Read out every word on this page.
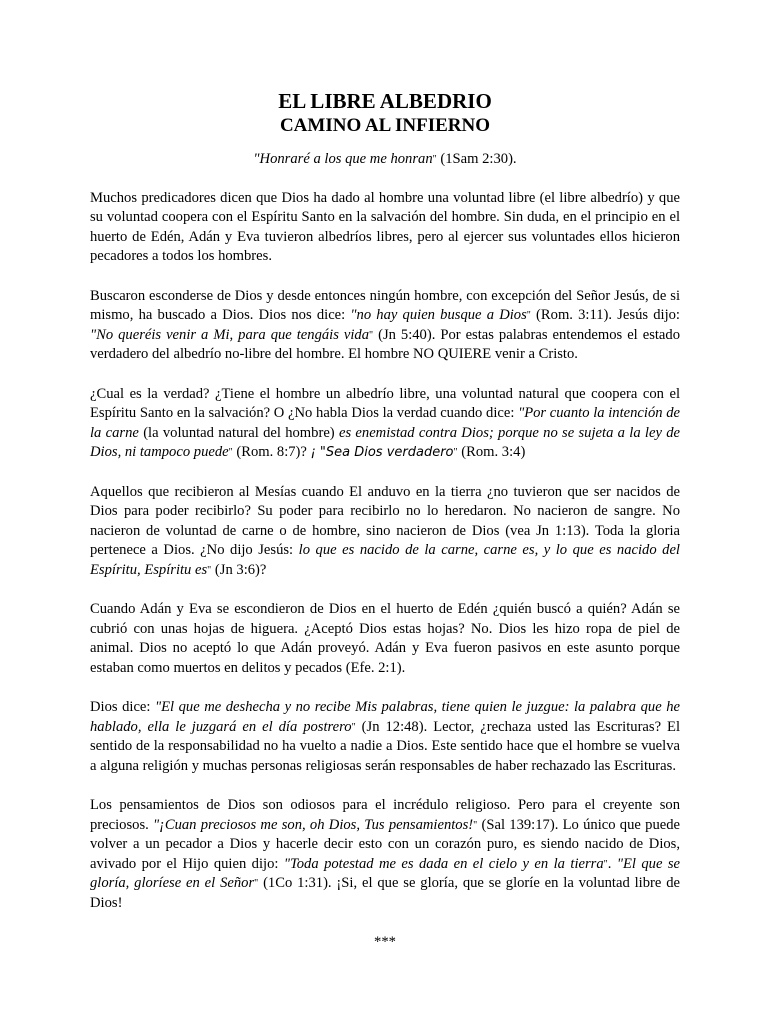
EL LIBRE ALBEDRIO
CAMINO AL INFIERNO

"Honraré a los que me honran" (1Sam 2:30).

Muchos predicadores dicen que Dios ha dado al hombre una voluntad libre (el libre albedrío) y que su voluntad coopera con el Espíritu Santo en la salvación del hombre. Sin duda, en el principio en el huerto de Edén, Adán y Eva tuvieron albedríos libres, pero al ejercer sus voluntades ellos hicieron pecadores a todos los hombres.

Buscaron esconderse de Dios y desde entonces ningún hombre, con excepción del Señor Jesús, de si mismo, ha buscado a Dios. Dios nos dice: "no hay quien busque a Dios" (Rom. 3:11). Jesús dijo: "No queréis venir a Mi, para que tengáis vida" (Jn 5:40). Por estas palabras entendemos el estado verdadero del albedrío no-libre del hombre. El hombre NO QUIERE venir a Cristo.

¿Cual es la verdad? ¿Tiene el hombre un albedrío libre, una voluntad natural que coopera con el Espíritu Santo en la salvación? O ¿No habla Dios la verdad cuando dice: "Por cuanto la intención de la carne (la voluntad natural del hombre) es enemistad contra Dios; porque no se sujeta a la ley de Dios, ni tampoco puede" (Rom. 8:7)? ¡ "Sea Dios verdadero" (Rom. 3:4)

Aquellos que recibieron al Mesías cuando El anduvo en la tierra ¿no tuvieron que ser nacidos de Dios para poder recibirlo? Su poder para recibirlo no lo heredaron. No nacieron de sangre. No nacieron de voluntad de carne o de hombre, sino nacieron de Dios (vea Jn 1:13). Toda la gloria pertenece a Dios. ¿No dijo Jesús: lo que es nacido de la carne, carne es, y lo que es nacido del Espíritu, Espíritu es" (Jn 3:6)?

Cuando Adán y Eva se escondieron de Dios en el huerto de Edén ¿quién buscó a quién? Adán se cubrió con unas hojas de higuera. ¿Aceptó Dios estas hojas? No. Dios les hizo ropa de piel de animal. Dios no aceptó lo que Adán proveyó. Adán y Eva fueron pasivos en este asunto porque estaban como muertos en delitos y pecados (Efe. 2:1).

Dios dice: "El que me deshecha y no recibe Mis palabras, tiene quien le juzgue: la palabra que he hablado, ella le juzgará en el día postrero" (Jn 12:48). Lector, ¿rechaza usted las Escrituras? El sentido de la responsabilidad no ha vuelto a nadie a Dios. Este sentido hace que el hombre se vuelva a alguna religión y muchas personas religiosas serán responsables de haber rechazado las Escrituras.

Los pensamientos de Dios son odiosos para el incrédulo religioso. Pero para el creyente son preciosos. "¡Cuan preciosos me son, oh Dios, Tus pensamientos!" (Sal 139:17). Lo único que puede volver a un pecador a Dios y hacerle decir esto con un corazón puro, es siendo nacido de Dios, avivado por el Hijo quien dijo: "Toda potestad me es dada en el cielo y en la tierra". "El que se gloría, gloríese en el Señor" (1Co 1:31). ¡Si, el que se gloría, que se gloríe en la voluntad libre de Dios!

***
